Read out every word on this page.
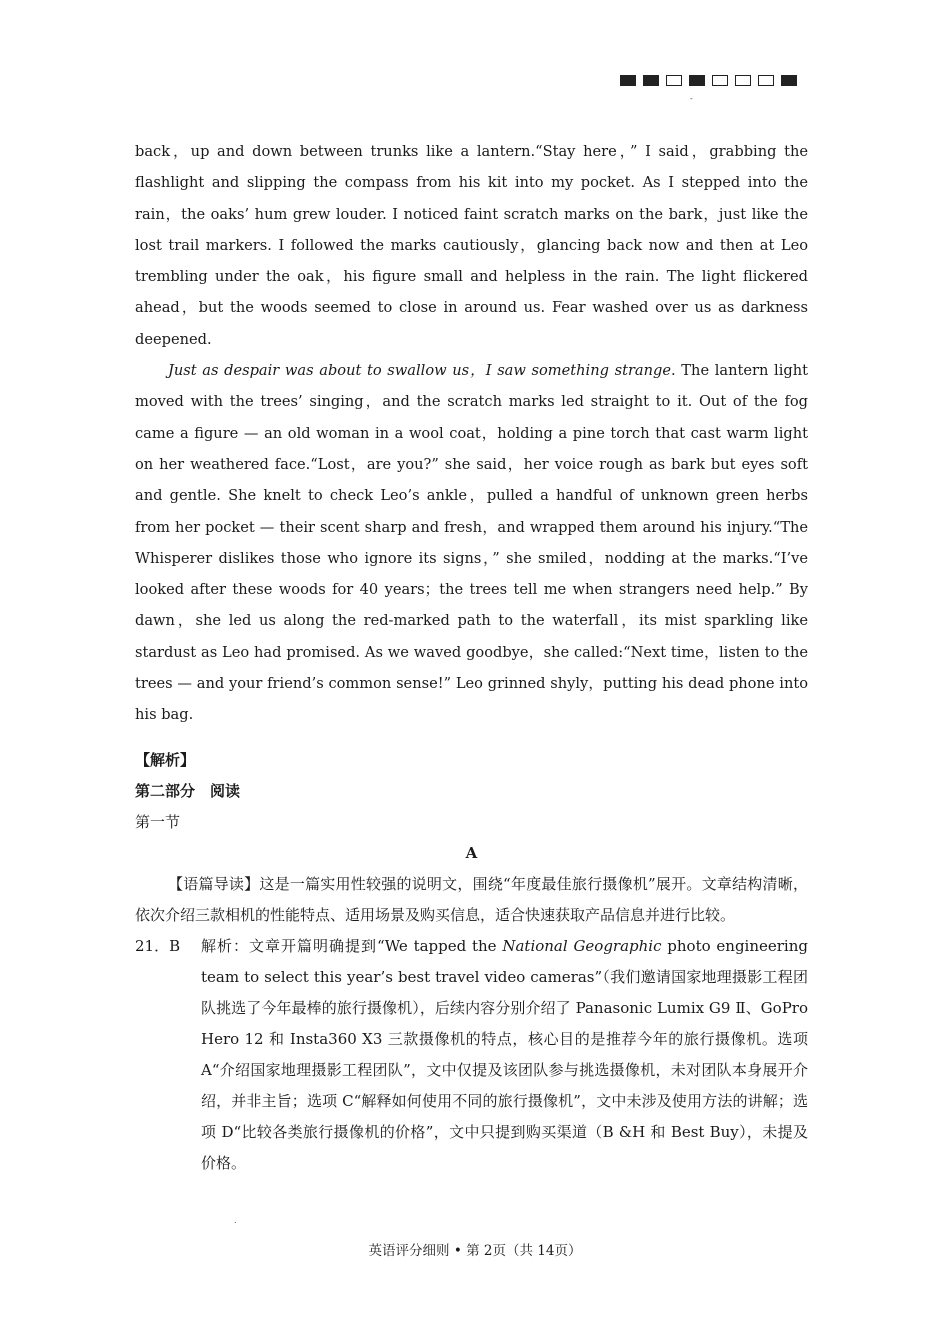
-

back，up and down between trunks like a lantern.“Stay here，” I said，grabbing the flashlight and slipping the compass from his kit into my pocket. As I stepped into the rain，the oaks’ hum grew louder. I noticed faint scratch marks on the bark，just like the lost trail markers. I followed the marks cautiously，glancing back now and then at Leo trembling under the oak，his figure small and helpless in the rain. The light flickered ahead，but the woods seemed to close in around us. Fear washed over us as darkness deepened.

Just as despair was about to swallow us，I saw something strange. The lantern light moved with the trees’ singing，and the scratch marks led straight to it. Out of the fog came a figure — an old woman in a wool coat，holding a pine torch that cast warm light on her weathered face.“Lost，are you?” she said，her voice rough as bark but eyes soft and gentle. She knelt to check Leo’s ankle，pulled a handful of unknown green herbs from her pocket — their scent sharp and fresh，and wrapped them around his injury.“The Whisperer dislikes those who ignore its signs，” she smiled，nodding at the marks.“I’ve looked after these woods for 40 years；the trees tell me when strangers need help.” By dawn，she led us along the red-marked path to the waterfall，its mist sparkling like stardust as Leo had promised. As we waved goodbye，she called:“Next time，listen to the trees — and your friend’s common sense!” Leo grinned shyly，putting his dead phone into his bag.

【解析】
第二部分　阅读
第一节
A
【语篇导读】这是一篇实用性较强的说明文，围绕“年度最佳旅行摄像机”展开。文章结构清晰，依次介绍三款相机的性能特点、适用场景及购买信息，适合快速获取产品信息并进行比较。
21．B	解析：文章开篇明确提到“We tapped the National Geographic photo engineering team to select this year’s best travel video cameras”（我们邀请国家地理摄影工程团队挑选了今年最棒的旅行摄像机），后续内容分别介绍了 Panasonic Lumix G9 Ⅱ、GoPro Hero 12 和 Insta360 X3 三款摄像机的特点，核心目的是推荐今年的旅行摄像机。选项 A“介绍国家地理摄影工程团队”，文中仅提及该团队参与挑选摄像机，未对团队本身展开介绍，并非主旨；选项 C“解释如何使用不同的旅行摄像机”，文中未涉及使用方法的讲解；选项 D“比较各类旅行摄像机的价格”，文中只提到购买渠道（B &H 和 Best Buy），未提及价格。
.
英语评分细则 • 第 2页（共 14页）
